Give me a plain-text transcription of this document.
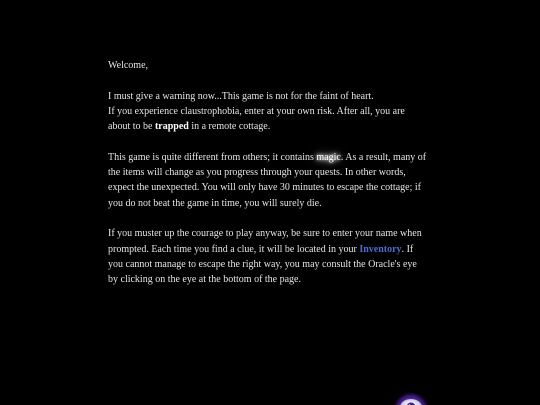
Welcome,

I must give a warning now...This game is not for the faint of heart.
If you experience claustrophobia, enter at your own risk. After all, you are
about to be trapped in a remote cottage.

This game is quite different from others; it contains magic. As a result, many of
the items will change as you progress through your quests. In other words,
expect the unexpected. You will only have 30 minutes to escape the cottage; if
you do not beat the game in time, you will surely die.

If you muster up the courage to play anyway, be sure to enter your name when
prompted. Each time you find a clue, it will be located in your Inventory. If
you cannot manage to escape the right way, you may consult the Oracle's eye
by clicking on the eye at the bottom of the page.
